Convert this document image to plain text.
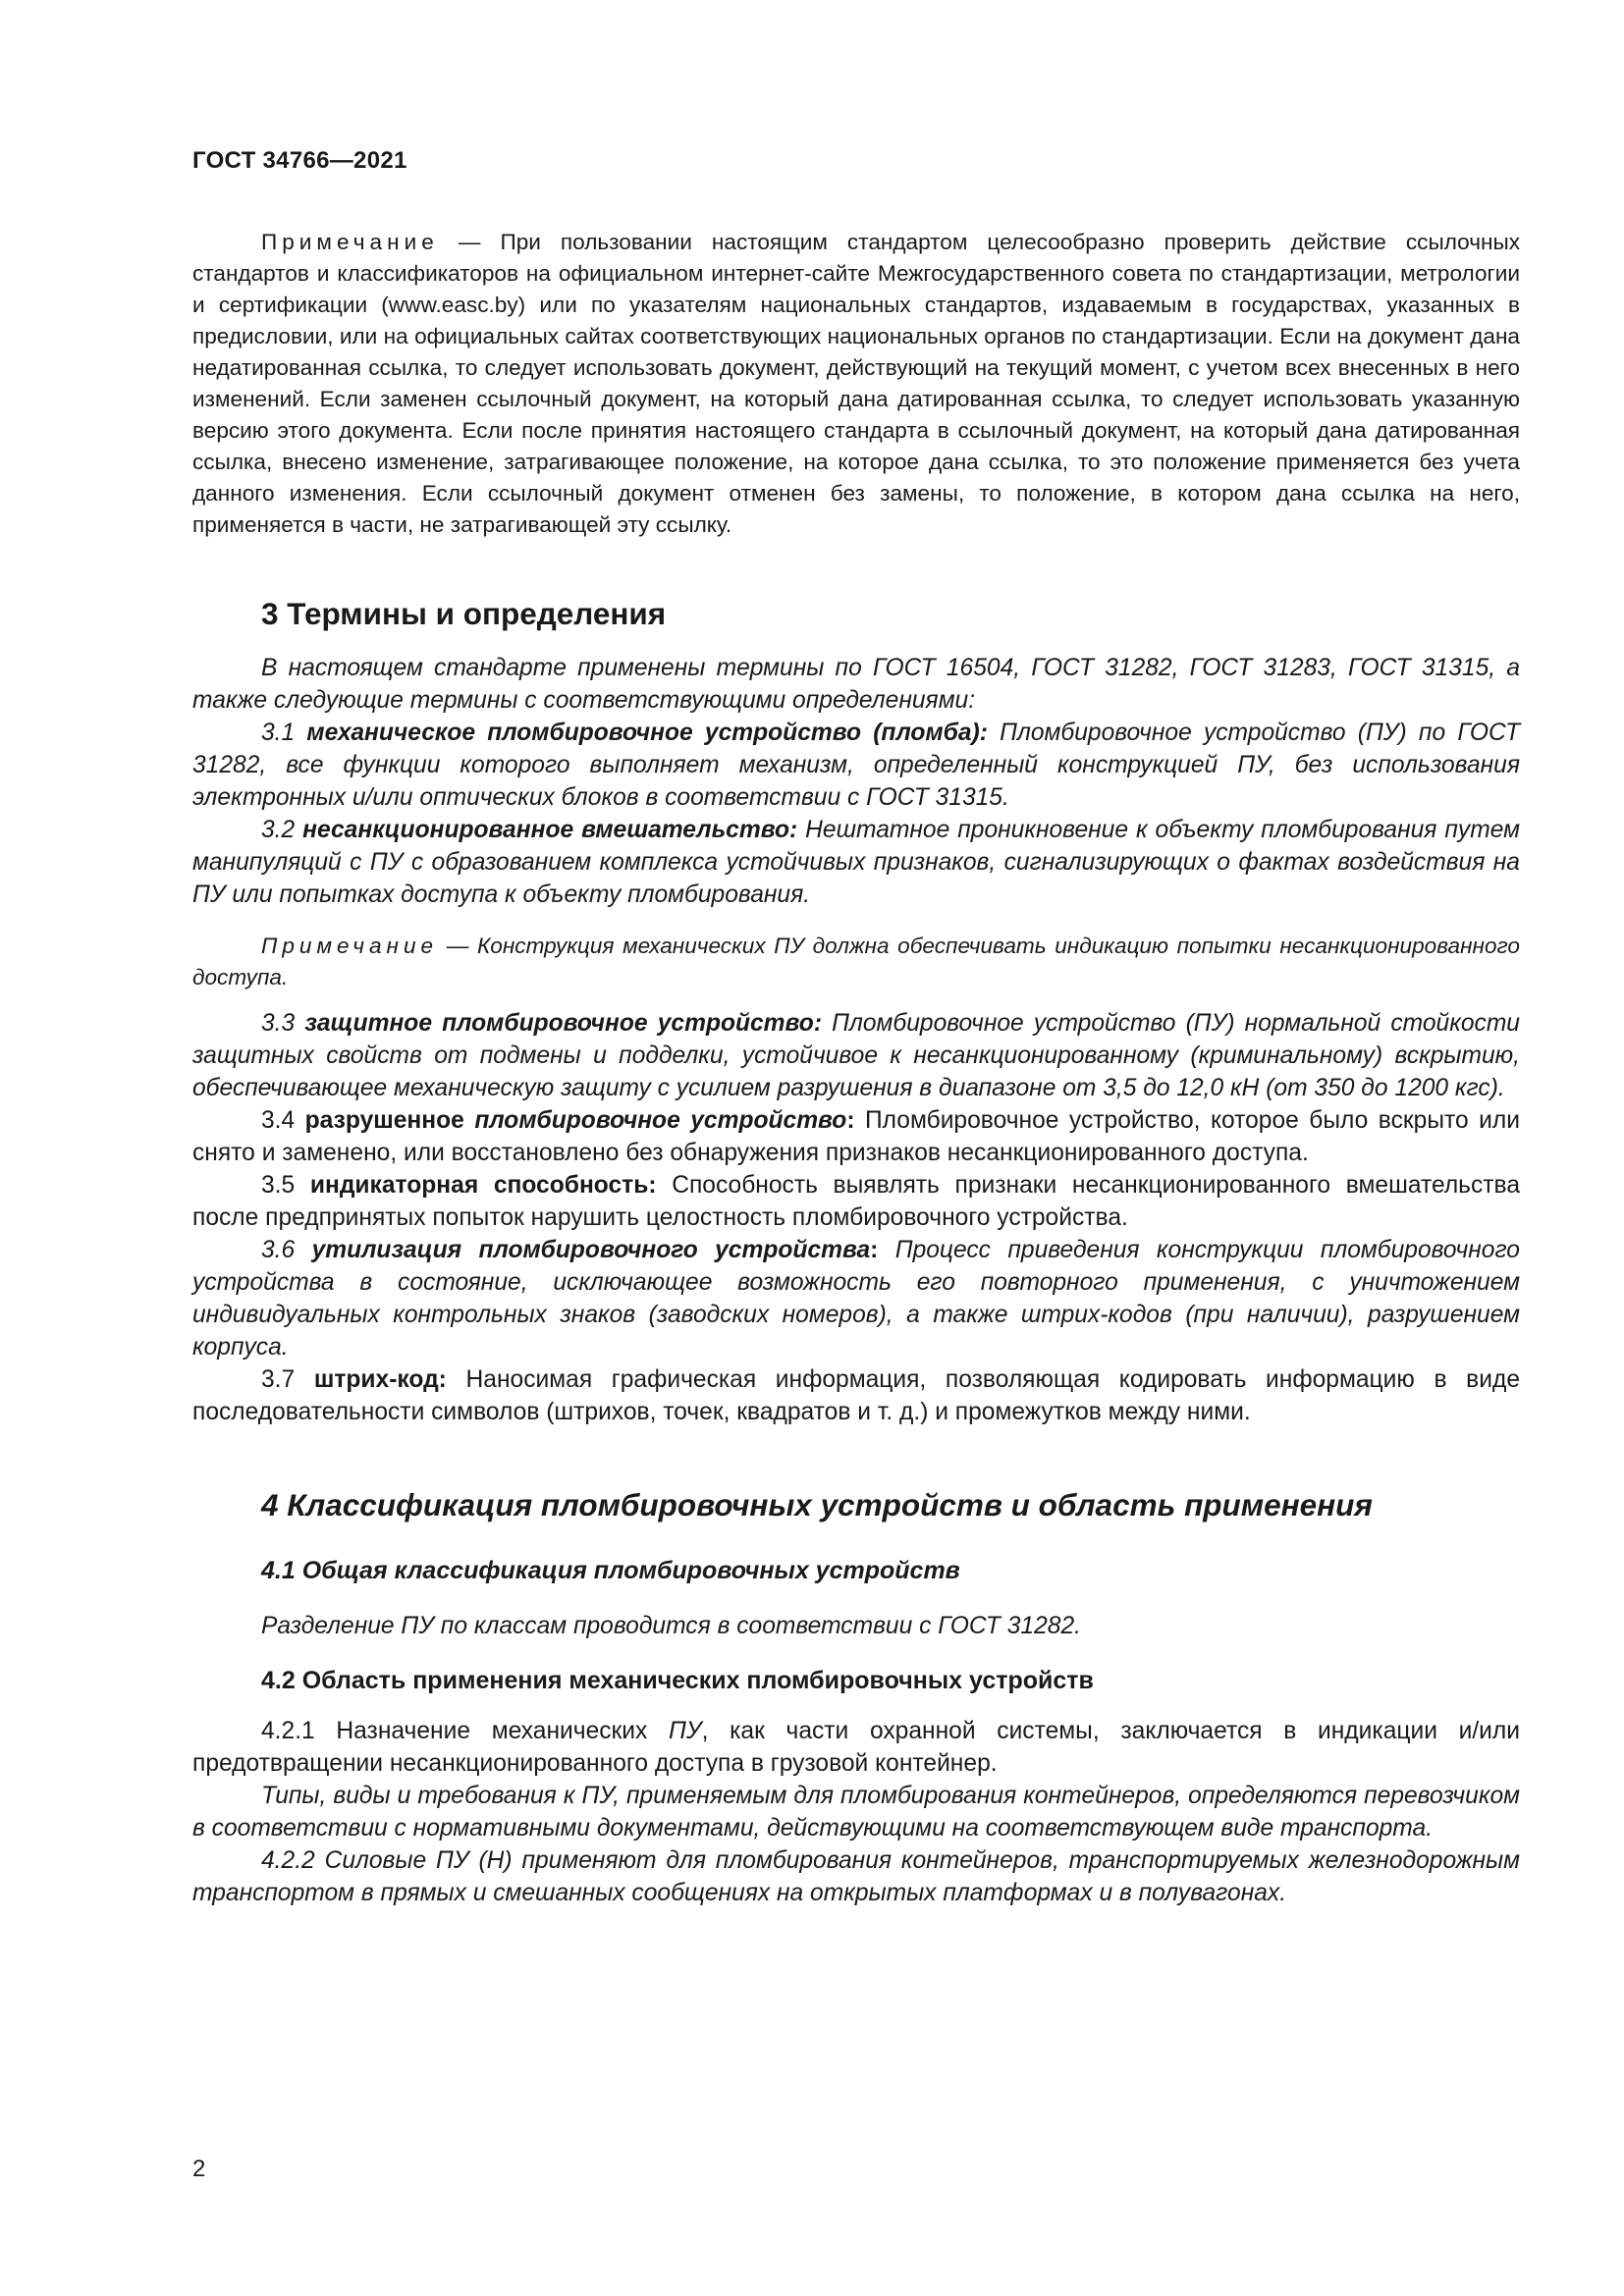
ГОСТ 34766—2021

Примечание — При пользовании настоящим стандартом целесообразно проверить действие ссылочных стандартов и классификаторов на официальном интернет-сайте Межгосударственного совета по стандартизации, метрологии и сертификации (www.easc.by) или по указателям национальных стандартов, издаваемым в государствах, указанных в предисловии, или на официальных сайтах соответствующих национальных органов по стандартизации. Если на документ дана недатированная ссылка, то следует использовать документ, действующий на текущий момент, с учетом всех внесенных в него изменений. Если заменен ссылочный документ, на который дана датированная ссылка, то следует использовать указанную версию этого документа. Если после принятия настоящего стандарта в ссылочный документ, на который дана датированная ссылка, внесено изменение, затрагивающее положение, на которое дана ссылка, то это положение применяется без учета данного изменения. Если ссылочный документ отменен без замены, то положение, в котором дана ссылка на него, применяется в части, не затрагивающей эту ссылку.

3 Термины и определения

В настоящем стандарте применены термины по ГОСТ 16504, ГОСТ 31282, ГОСТ 31283, ГОСТ 31315, а также следующие термины с соответствующими определениями:

3.1 механическое пломбировочное устройство (пломба): Пломбировочное устройство (ПУ) по ГОСТ 31282, все функции которого выполняет механизм, определенный конструкцией ПУ, без использования электронных и/или оптических блоков в соответствии с ГОСТ 31315.

3.2 несанкционированное вмешательство: Нештатное проникновение к объекту пломбирования путем манипуляций с ПУ с образованием комплекса устойчивых признаков, сигнализирующих о фактах воздействия на ПУ или попытках доступа к объекту пломбирования.

Примечание — Конструкция механических ПУ должна обеспечивать индикацию попытки несанкционированного доступа.

3.3 защитное пломбировочное устройство: Пломбировочное устройство (ПУ) нормальной стойкости защитных свойств от подмены и подделки, устойчивое к несанкционированному (криминальному) вскрытию, обеспечивающее механическую защиту с усилием разрушения в диапазоне от 3,5 до 12,0 кН (от 350 до 1200 кгс).

3.4 разрушенное пломбировочное устройство: Пломбировочное устройство, которое было вскрыто или снято и заменено, или восстановлено без обнаружения признаков несанкционированного доступа.

3.5 индикаторная способность: Способность выявлять признаки несанкционированного вмешательства после предпринятых попыток нарушить целостность пломбировочного устройства.

3.6 утилизация пломбировочного устройства: Процесс приведения конструкции пломбировочного устройства в состояние, исключающее возможность его повторного применения, с уничтожением индивидуальных контрольных знаков (заводских номеров), а также штрих-кодов (при наличии), разрушением корпуса.

3.7 штрих-код: Наносимая графическая информация, позволяющая кодировать информацию в виде последовательности символов (штрихов, точек, квадратов и т. д.) и промежутков между ними.

4 Классификация пломбировочных устройств и область применения
4.1 Общая классификация пломбировочных устройств

Разделение ПУ по классам проводится в соответствии с ГОСТ 31282.

4.2 Область применения механических пломбировочных устройств

4.2.1 Назначение механических ПУ, как части охранной системы, заключается в индикации и/или предотвращении несанкционированного доступа в грузовой контейнер.

Типы, виды и требования к ПУ, применяемым для пломбирования контейнеров, определяются перевозчиком в соответствии с нормативными документами, действующими на соответствующем виде транспорта.

4.2.2 Силовые ПУ (Н) применяют для пломбирования контейнеров, транспортируемых железнодорожным транспортом в прямых и смешанных сообщениях на открытых платформах и в полувагонах.

2
